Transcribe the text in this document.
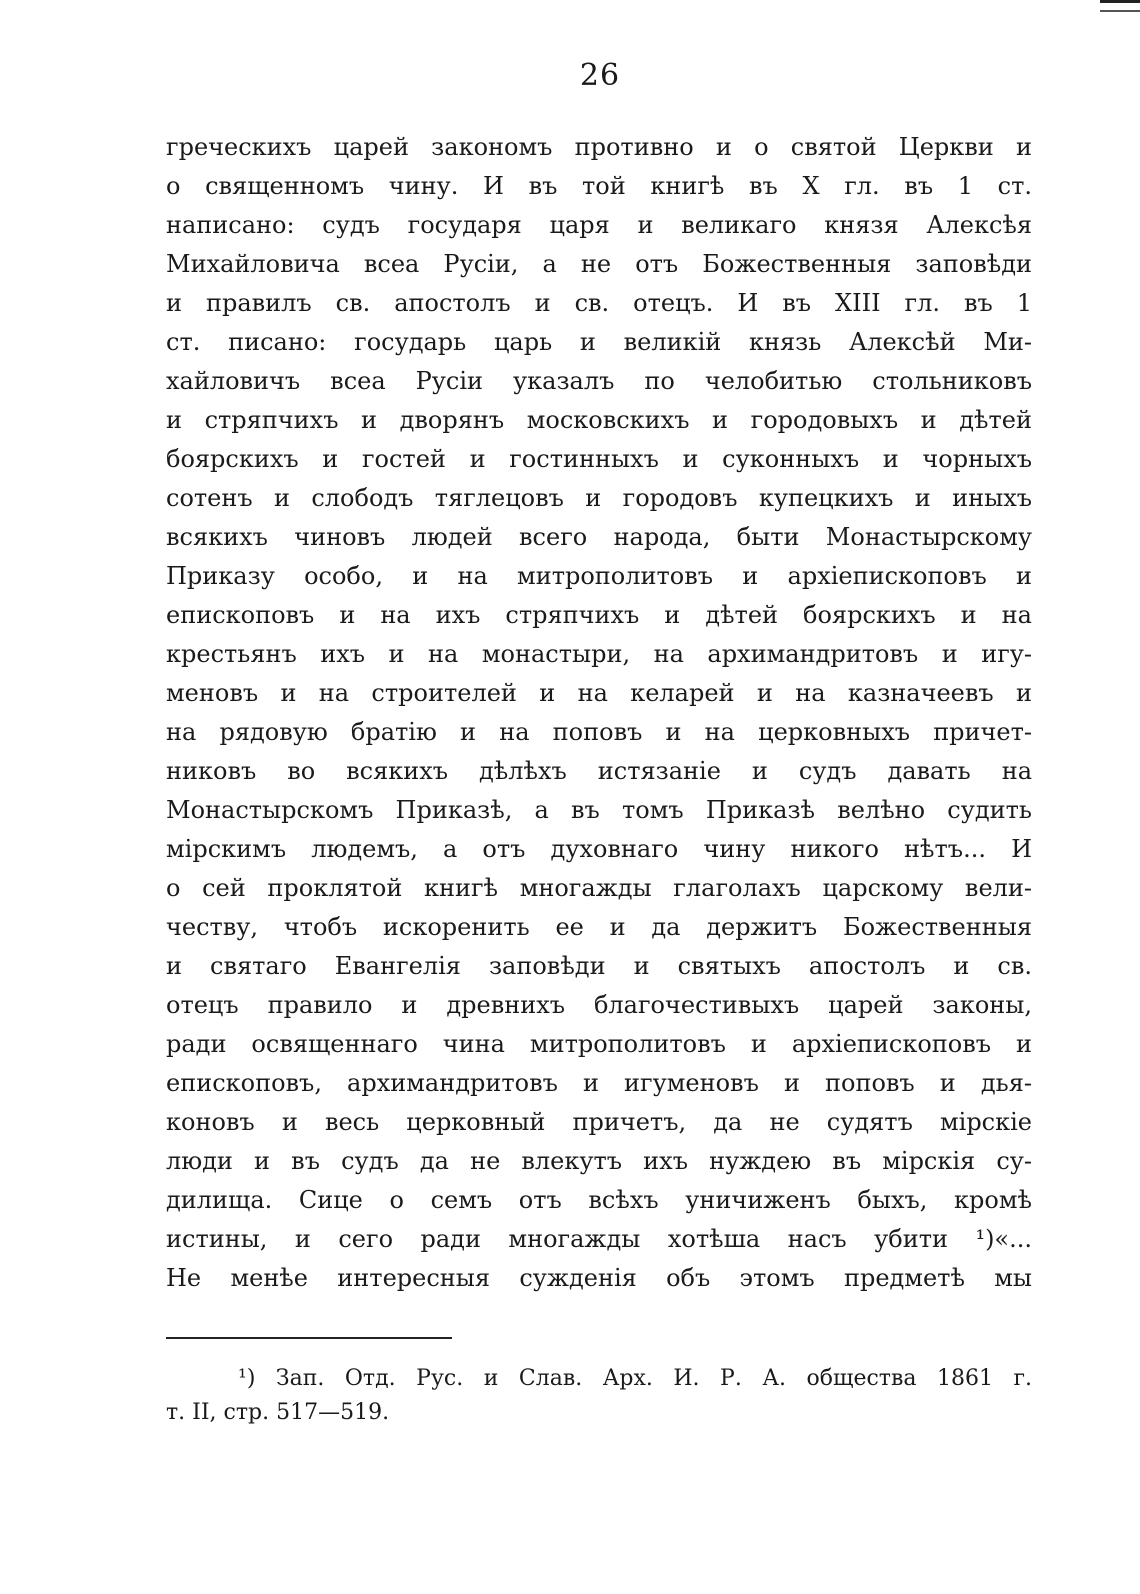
26
греческихъ царей закономъ противно и о святой Церкви и
о священномъ чину. И въ той книгѣ въ Х гл. въ 1 ст.
написано: судъ государя царя и великаго князя Алексѣя
Михайловича всеа Русіи, а не отъ Божественныя заповѣди
и правилъ св. апостолъ и св. отецъ. И въ XIII гл. въ 1
ст. писано: государь царь и великій князь Алексѣй Ми-
хайловичъ всеа Русіи указалъ по челобитью стольниковъ
и стряпчихъ и дворянъ московскихъ и городовыхъ и дѣтей
боярскихъ и гостей и гостинныхъ и суконныхъ и чорныхъ
сотенъ и слободъ тяглецовъ и городовъ купецкихъ и иныхъ
всякихъ чиновъ людей всего народа, быти Монастырскому
Приказу особо, и на митрополитовъ и архіепископовъ и
епископовъ и на ихъ стряпчихъ и дѣтей боярскихъ и на
крестьянъ ихъ и на монастыри, на архимандритовъ и игу-
меновъ и на строителей и на келарей и на казначеевъ и
на рядовую братію и на поповъ и на церковныхъ причет-
никовъ во всякихъ дѣлѣхъ истязаніе и судъ давать на
Монастырскомъ Приказѣ, а въ томъ Приказѣ велѣно судить
мірскимъ людемъ, а отъ духовнаго чину никого нѣтъ... И
о сей проклятой книгѣ многажды глаголахъ царскому вели-
честву, чтобъ искоренить ее и да держитъ Божественныя
и святаго Евангелія заповѣди и святыхъ апостолъ и св.
отецъ правило и древнихъ благочестивыхъ царей законы,
ради освященнаго чина митрополитовъ и архіепископовъ и
епископовъ, архимандритовъ и игуменовъ и поповъ и дья-
коновъ и весь церковный причетъ, да не судятъ мірскіе
люди и въ судъ да не влекутъ ихъ нуждею въ мірскія су-
дилища. Сице о семъ отъ всѣхъ уничиженъ быхъ, кромѣ
истины, и сего ради многажды хотѣша насъ убити ¹)«...
Не менѣе интересныя сужденія объ этомъ предметѣ мы
¹) Зап. Отд. Рус. и Слав. Арх. И. Р. А. общества 1861 г.
т. II, стр. 517—519.
